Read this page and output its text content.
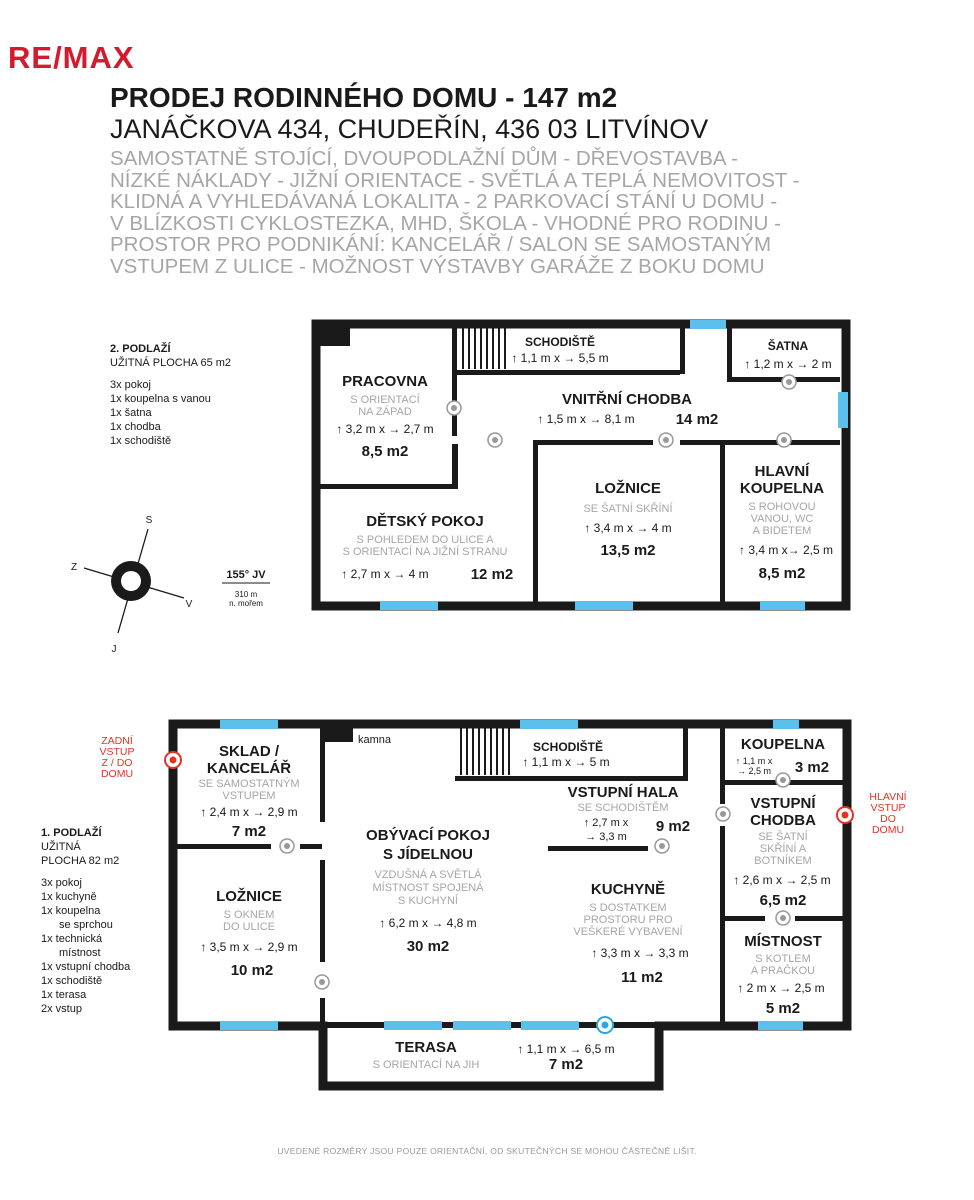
RE/MAX
PRODEJ RODINNÉHO DOMU - 147 m2
JANÁČKOVA 434, CHUDEŘÍN, 436 03 LITVÍNOV
SAMOSTATNĚ STOJÍCÍ, DVOUPODLAŽNÍ DŮM - DŘEVOSTAVBA -
NÍZKÉ NÁKLADY - JIŽNÍ ORIENTACE - SVĚTLÁ A TEPLÁ NEMOVITOST -
KLIDNÁ A VYHLEDÁVANÁ LOKALITA - 2 PARKOVACÍ STÁNÍ U DOMU -
V BLÍZKOSTI CYKLOSTEZKA, MHD, ŠKOLA - VHODNÉ PRO RODINU -
PROSTOR PRO PODNIKÁNÍ: KANCELÁŘ / SALON SE SAMOSTANÝM
VSTUPEM Z ULICE - MOŽNOST VÝSTAVBY GARÁŽE Z BOKU DOMU
2. PODLAŽÍ
UŽITNÁ PLOCHA 65 m2
3x pokoj
1x koupelna s vanou
1x šatna
1x chodba
1x schodiště
1. PODLAŽÍ
UŽITNÁ
PLOCHA 82 m2
3x pokoj
1x kuchyně
1x koupelna
se sprchou
1x technická
místnost
1x vstupní chodba
1x schodiště
1x terasa
2x vstup
ZADNÍ
VSTUP
Z / DO
DOMU
HLAVNÍ
VSTUP
DO
DOMU
PRACOVNA
S ORIENTACÍ
NA ZÁPAD
↑ 3,2 m x → 2,7 m
8,5 m2
SCHODIŠTĚ
↑ 1,1 m x → 5,5 m
ŠATNA
↑ 1,2 m x → 2 m
VNITŘNÍ CHODBA
↑ 1,5 m x → 8,1 m	14 m2
DĚTSKÝ POKOJ
S POHLEDEM DO ULICE A
S ORIENTACÍ NA JIŽNÍ STRANU
↑ 2,7 m x → 4 m	12 m2
LOŽNICE
SE ŠATNÍ SKŘÍNÍ
↑ 3,4 m x → 4 m
13,5 m2
HLAVNÍ
KOUPELNA
S ROHOVOU
VANOU, WC
A BIDETEM
↑ 3,4 m x→ 2,5 m
8,5 m2
S
J
Z
V
155° JV
310 m
n. mořem
kamna
SKLAD /
KANCELÁŘ
SE SAMOSTATNÝM
VSTUPEM
↑ 2,4 m x → 2,9 m
7 m2
LOŽNICE
S OKNEM
DO ULICE
↑ 3,5 m x → 2,9 m
10 m2
OBÝVACÍ POKOJ
S JÍDELNOU
VZDUŠNÁ A SVĚTLÁ
MÍSTNOST SPOJENÁ
S KUCHYNÍ
↑ 6,2 m x → 4,8 m
30 m2
SCHODIŠTĚ
↑ 1,1 m x → 5 m
VSTUPNÍ HALA
SE SCHODIŠTĚM
↑ 2,7 m x
→ 3,3 m
9 m2
KUCHYNĚ
S DOSTATKEM
PROSTORU PRO
VEŠKERÉ VYBAVENÍ
↑ 3,3 m x → 3,3 m
11 m2
KOUPELNA
↑ 1,1 m x
→ 2,5 m 3 m2
VSTUPNÍ
CHODBA
SE ŠATNÍ
SKŘÍNÍ A
BOTNÍKEM
↑ 2,6 m x → 2,5 m
6,5 m2
MÍSTNOST
S KOTLEM
A PRAČKOU
↑ 2 m x → 2,5 m
5 m2
TERASA
S ORIENTACÍ NA JIH
↑ 1,1 m x → 6,5 m
7 m2
UVEDENÉ ROZMĚRY JSOU POUZE ORIENTAČNÍ, OD SKUTEČNÝCH SE MOHOU ČÁSTEČNĚ LIŠIT.
